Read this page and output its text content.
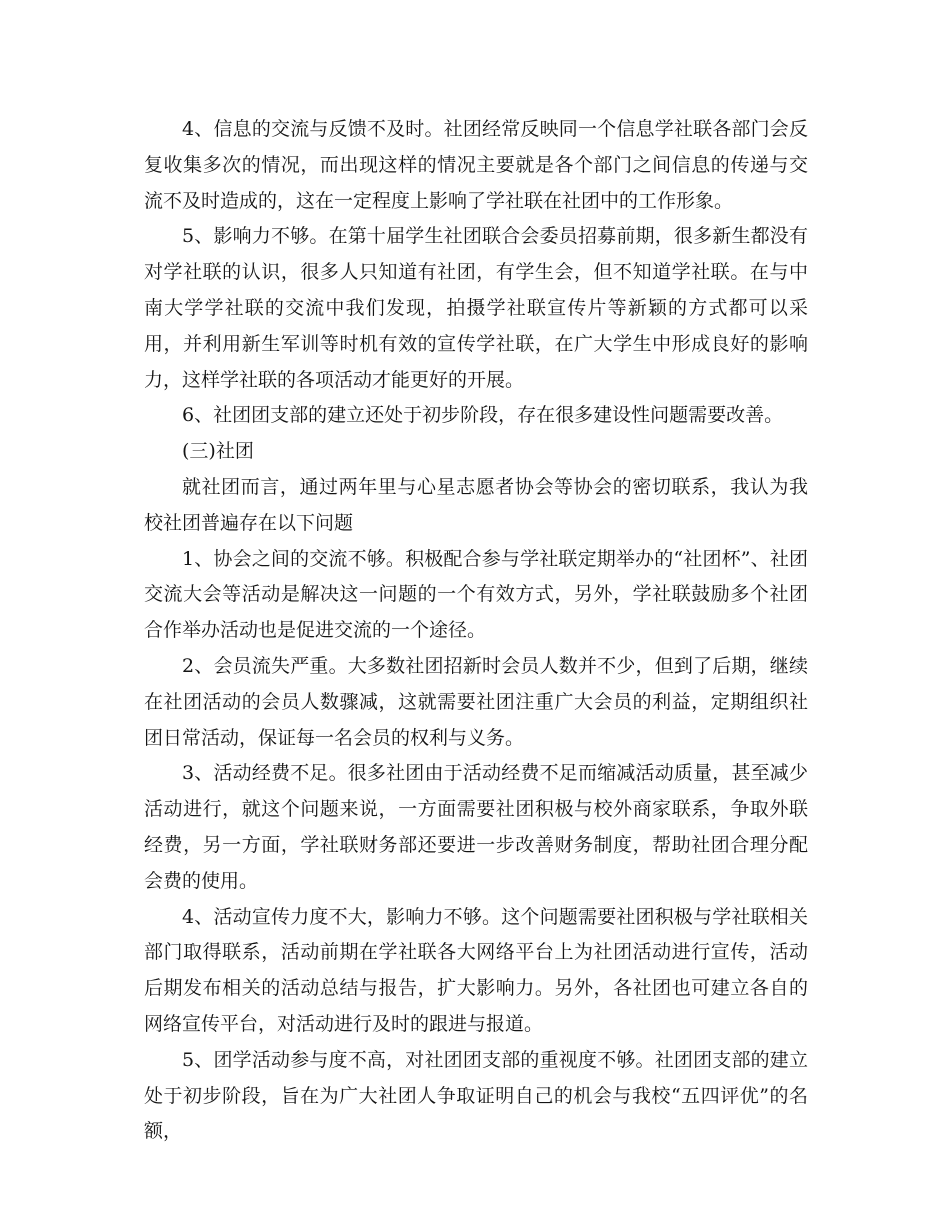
4、信息的交流与反馈不及时。社团经常反映同一个信息学社联各部门会反复收集多次的情况，而出现这样的情况主要就是各个部门之间信息的传递与交流不及时造成的，这在一定程度上影响了学社联在社团中的工作形象。

5、影响力不够。在第十届学生社团联合会委员招募前期，很多新生都没有对学社联的认识，很多人只知道有社团，有学生会，但不知道学社联。在与中南大学学社联的交流中我们发现，拍摄学社联宣传片等新颖的方式都可以采用，并利用新生军训等时机有效的宣传学社联，在广大学生中形成良好的影响力，这样学社联的各项活动才能更好的开展。

6、社团团支部的建立还处于初步阶段，存在很多建设性问题需要改善。

(三)社团

就社团而言，通过两年里与心星志愿者协会等协会的密切联系，我认为我校社团普遍存在以下问题

1、协会之间的交流不够。积极配合参与学社联定期举办的“社团杯”、社团交流大会等活动是解决这一问题的一个有效方式，另外，学社联鼓励多个社团合作举办活动也是促进交流的一个途径。

2、会员流失严重。大多数社团招新时会员人数并不少，但到了后期，继续在社团活动的会员人数骤减，这就需要社团注重广大会员的利益，定期组织社团日常活动，保证每一名会员的权利与义务。

3、活动经费不足。很多社团由于活动经费不足而缩减活动质量，甚至减少活动进行，就这个问题来说，一方面需要社团积极与校外商家联系，争取外联经费，另一方面，学社联财务部还要进一步改善财务制度，帮助社团合理分配会费的使用。

4、活动宣传力度不大，影响力不够。这个问题需要社团积极与学社联相关部门取得联系，活动前期在学社联各大网络平台上为社团活动进行宣传，活动后期发布相关的活动总结与报告，扩大影响力。另外，各社团也可建立各自的网络宣传平台，对活动进行及时的跟进与报道。

5、团学活动参与度不高，对社团团支部的重视度不够。社团团支部的建立处于初步阶段，旨在为广大社团人争取证明自己的机会与我校“五四评优”的名额，
